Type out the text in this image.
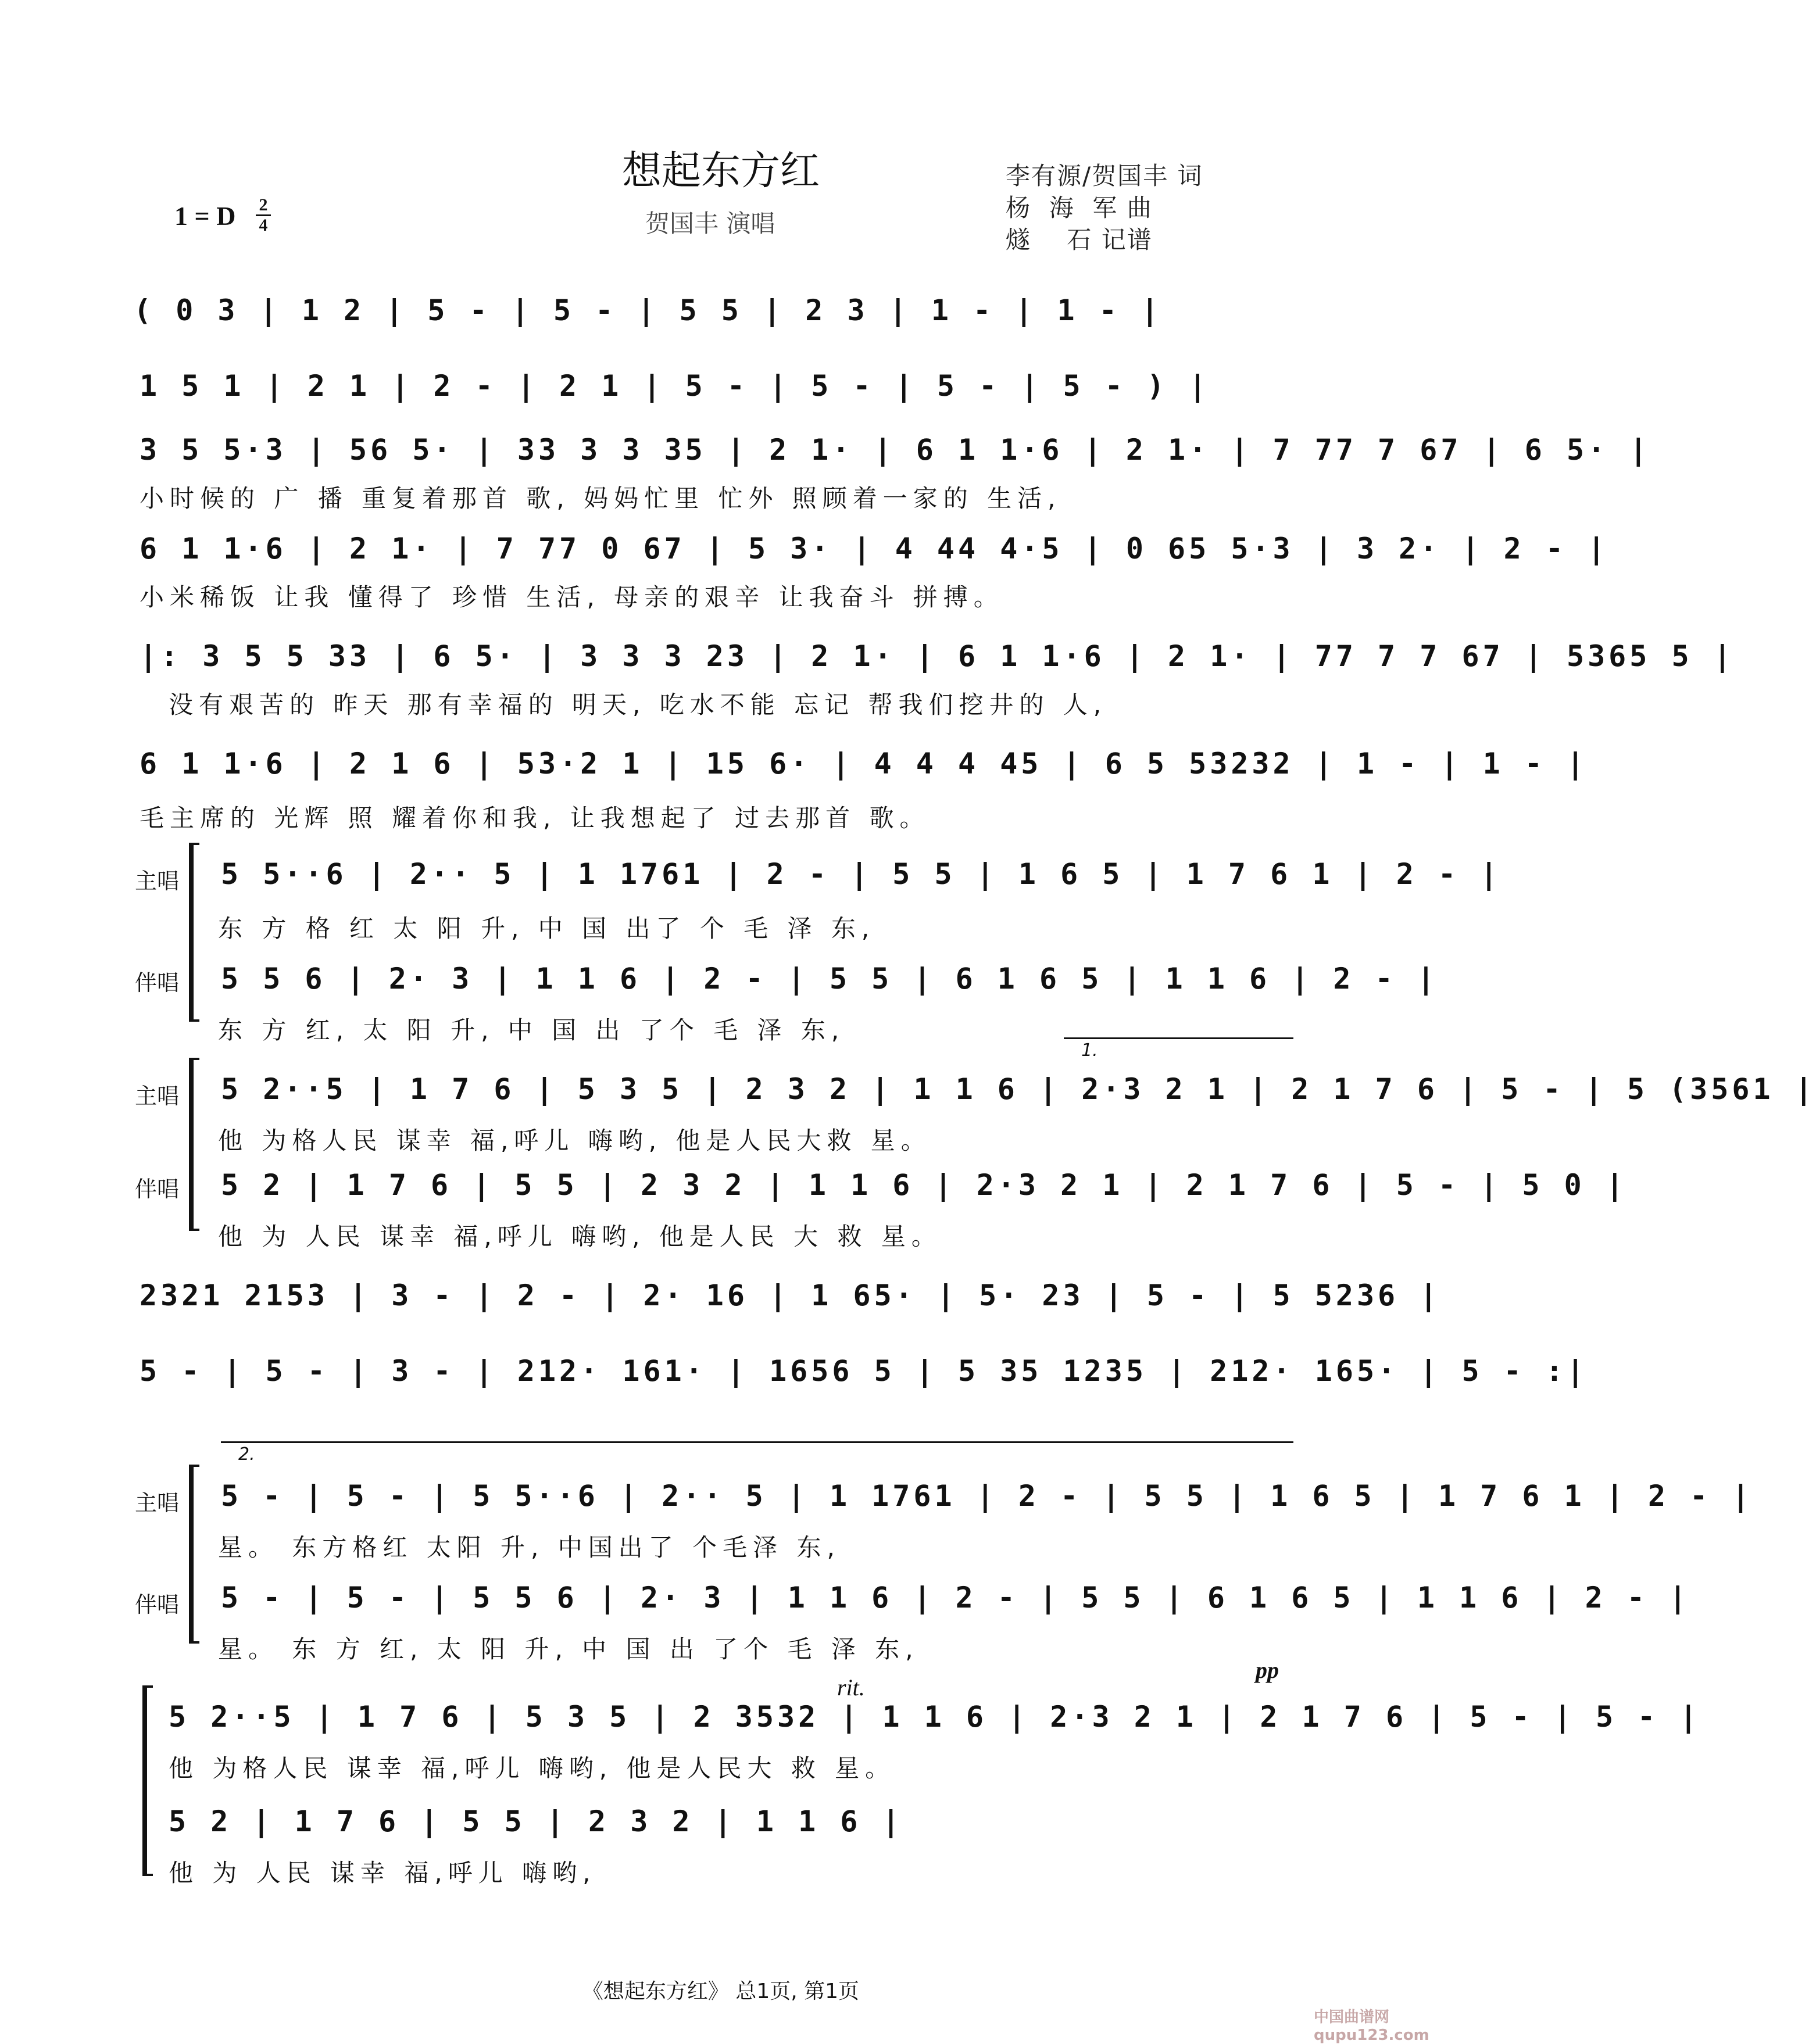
想起东方红
贺国丰 演唱
1 = D 2
4
李有源/贺国丰 词
杨  海  军 曲
燧    石 记谱
( 0 3 | 1 2 | 5 - | 5 - | 5 5 | 2 3 | 1 - | 1 - |
1 5 1 | 2 1 | 2 - | 2 1 | 5 - | 5 - | 5 - | 5 - ) |
3 5 5·3 | 56 5· | 33 3 3 35 | 2 1· | 6 1 1·6 | 2 1· | 7 77 7 67 | 6 5· |
小时候的 广 播 重复着那首 歌, 妈妈忙里 忙外 照顾着一家的 生活,
6 1 1·6 | 2 1· | 7 77 0 67 | 5 3· | 4 44 4·5 | 0 65 5·3 | 3 2· | 2 - |
小米稀饭 让我 懂得了 珍惜 生活, 母亲的艰辛 让我奋斗 拼搏。
|: 3 5 5 33 | 6 5· | 3 3 3 23 | 2 1· | 6 1 1·6 | 2 1· | 77 7 7 67 | 5365 5 |
没有艰苦的 昨天 那有幸福的 明天, 吃水不能 忘记 帮我们挖井的 人,
6 1 1·6 | 2 1 6 | 53·2 1 | 15 6· | 4 4 4 45 | 6 5 53232 | 1 - | 1 - |
毛主席的 光辉 照 耀着你和我, 让我想起了 过去那首 歌。
主唱
伴唱
5 5··6 | 2·· 5 | 1 1761 | 2 - | 5 5 | 1 6 5 | 1 7 6 1 | 2 - |
东 方 格 红 太 阳 升, 中 国 出了 个 毛 泽 东,
5 5 6 | 2· 3 | 1 1 6 | 2 - | 5 5 | 6 1 6 5 | 1 1 6 | 2 - |
东 方 红, 太 阳 升, 中 国 出 了个 毛 泽 东,
1.
主唱
伴唱
5 2··5 | 1 7 6 | 5 3 5 | 2 3 2 | 1 1 6 | 2·3 2 1 | 2 1 7 6 | 5 - | 5 (3561 |
他 为格人民 谋幸 福,呼儿 嗨哟, 他是人民大救 星。
5 2 | 1 7 6 | 5 5 | 2 3 2 | 1 1 6 | 2·3 2 1 | 2 1 7 6 | 5 - | 5 0 |
他 为 人民 谋幸 福,呼儿 嗨哟, 他是人民 大 救 星。
2321 2153 | 3 - | 2 - | 2· 16 | 1 65· | 5· 23 | 5 - | 5 5236 |
5 - | 5 - | 3 - | 212· 161· | 1656 5 | 5 35 1235 | 212· 165· | 5 - :|
2.
主唱
伴唱
5 - | 5 - | 5 5··6 | 2·· 5 | 1 1761 | 2 - | 5 5 | 1 6 5 | 1 7 6 1 | 2 - |
星。 东方格红 太阳 升, 中国出了 个毛泽 东,
5 - | 5 - | 5 5 6 | 2· 3 | 1 1 6 | 2 - | 5 5 | 6 1 6 5 | 1 1 6 | 2 - |
星。 东 方 红, 太 阳 升, 中 国 出 了个 毛 泽 东,
rit.
pp
5 2··5 | 1 7 6 | 5 3 5 | 2 3532 | 1 1 6 | 2·3 2 1 | 2 1 7 6 | 5 - | 5 - |
他 为格人民 谋幸 福,呼儿 嗨哟, 他是人民大 救 星。
5 2 | 1 7 6 | 5 5 | 2 3 2 | 1 1 6 |
他 为 人民 谋幸 福,呼儿 嗨哟,
《想起东方红》 总1页, 第1页
中国曲谱网 qupu123.com
